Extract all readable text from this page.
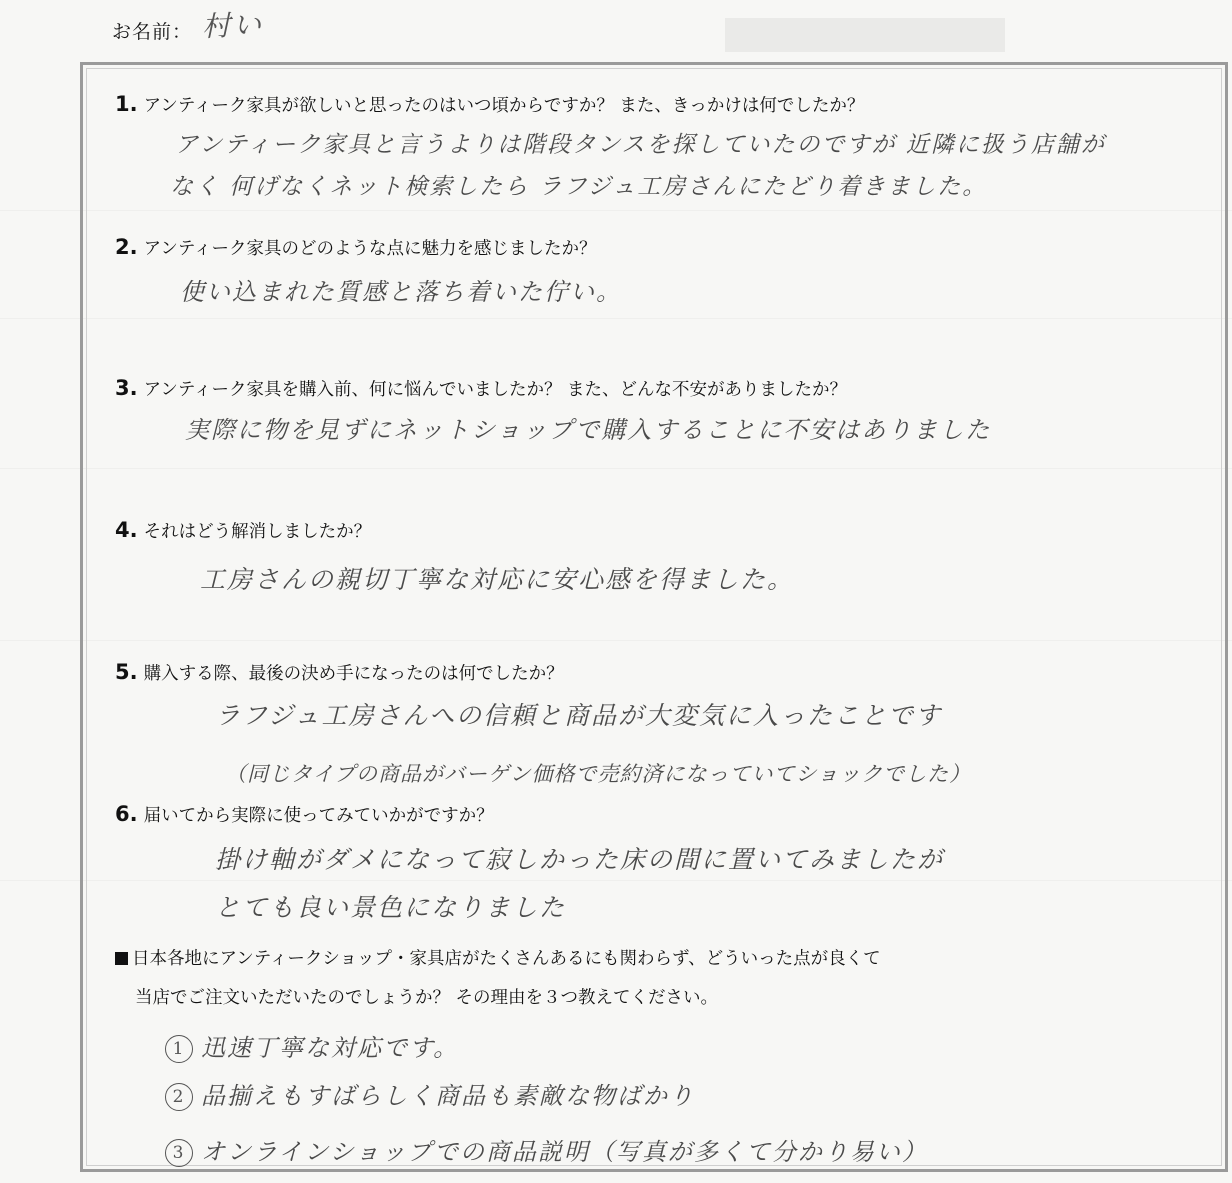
お名前： 村い
1. アンティーク家具が欲しいと思ったのはいつ頃からですか？ また、きっかけは何でしたか？
アンティーク家具と言うよりは階段タンスを探していたのですが 近隣に扱う店舗が
なく 何げなくネット検索したら ラフジュ工房さんにたどり着きました。
2. アンティーク家具のどのような点に魅力を感じましたか？
使い込まれた質感と落ち着いた佇い。
3. アンティーク家具を購入前、何に悩んでいましたか？ また、どんな不安がありましたか？
実際に物を見ずにネットショップで購入することに不安はありました
4. それはどう解消しましたか？
工房さんの親切丁寧な対応に安心感を得ました。
5. 購入する際、最後の決め手になったのは何でしたか？
ラフジュ工房さんへの信頼と商品が大変気に入ったことです
（同じタイプの商品がバーゲン価格で売約済になっていてショックでした）
6. 届いてから実際に使ってみていかがですか？
掛け軸がダメになって寂しかった床の間に置いてみましたが
とても良い景色になりました
日本各地にアンティークショップ・家具店がたくさんあるにも関わらず、どういった点が良くて
当店でご注文いただいたのでしょうか？ その理由を３つ教えてください。
1 迅速丁寧な対応です。
2 品揃えもすばらしく商品も素敵な物ばかり
3 オンラインショップでの商品説明（写真が多くて分かり易い）
